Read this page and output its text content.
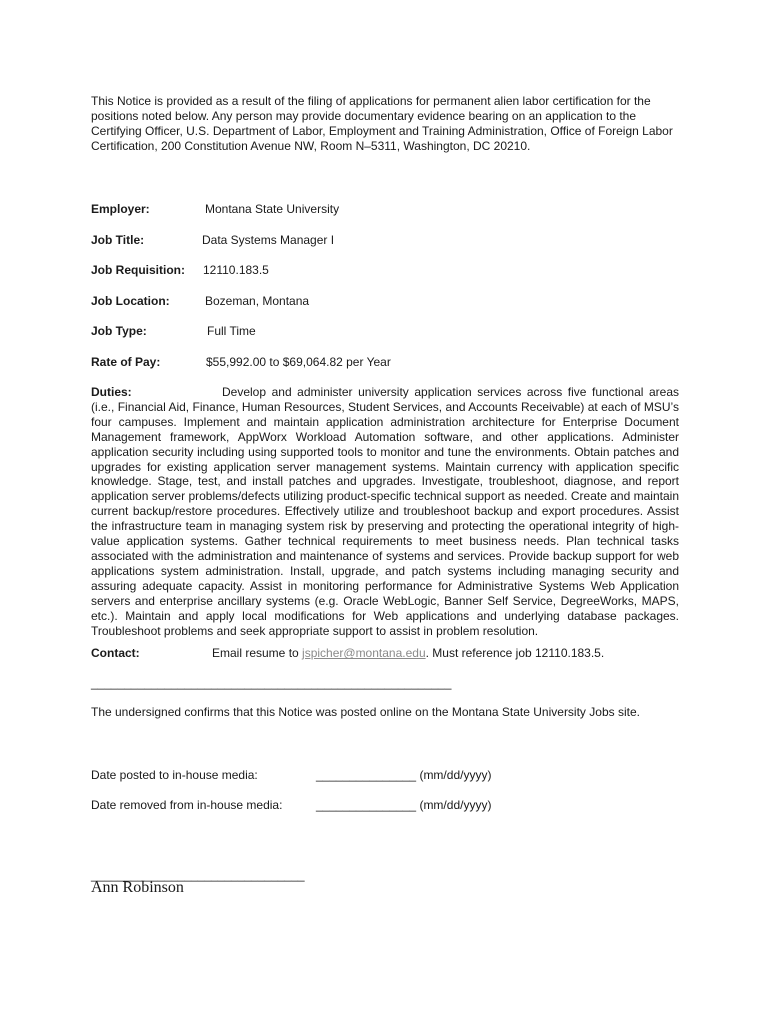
This Notice is provided as a result of the filing of applications for permanent alien labor certification for the positions noted below. Any person may provide documentary evidence bearing on an application to the Certifying Officer, U.S. Department of Labor, Employment and Training Administration, Office of Foreign Labor Certification, 200 Constitution Avenue NW, Room N–5311, Washington, DC 20210.

Employer:	Montana State University
Job Title:	Data Systems Manager I
Job Requisition: 12110.183.5
Job Location:	Bozeman, Montana
Job Type:	Full Time
Rate of Pay:	$55,992.00 to $69,064.82 per Year
Duties:	Develop and administer university application services across five functional areas (i.e., Financial Aid, Finance, Human Resources, Student Services, and Accounts Receivable) at each of MSU’s four campuses. Implement and maintain application administration architecture for Enterprise Document Management framework, AppWorx Workload Automation software, and other applications. Administer application security including using supported tools to monitor and tune the environments. Obtain patches and upgrades for existing application server management systems. Maintain currency with application specific knowledge. Stage, test, and install patches and upgrades. Investigate, troubleshoot, diagnose, and report application server problems/defects utilizing product-specific technical support as needed. Create and maintain current backup/restore procedures. Effectively utilize and troubleshoot backup and export procedures. Assist the infrastructure team in managing system risk by preserving and protecting the operational integrity of high-value application systems. Gather technical requirements to meet business needs. Plan technical tasks associated with the administration and maintenance of systems and services. Provide backup support for web applications system administration. Install, upgrade, and patch systems including managing security and assuring adequate capacity. Assist in monitoring performance for Administrative Systems Web Application servers and enterprise ancillary systems (e.g. Oracle WebLogic, Banner Self Service, DegreeWorks, MAPS, etc.). Maintain and apply local modifications for Web applications and underlying database packages. Troubleshoot problems and seek appropriate support to assist in problem resolution.
Contact:	Email resume to jspicher@montana.edu. Must reference job 12110.183.5.
______________________________________________________
The undersigned confirms that this Notice was posted online on the Montana State University Jobs site.
Date posted to in-house media:	_______________ (mm/dd/yyyy)
Date removed from in-house media:	_______________ (mm/dd/yyyy)
________________________________
Ann Robinson
